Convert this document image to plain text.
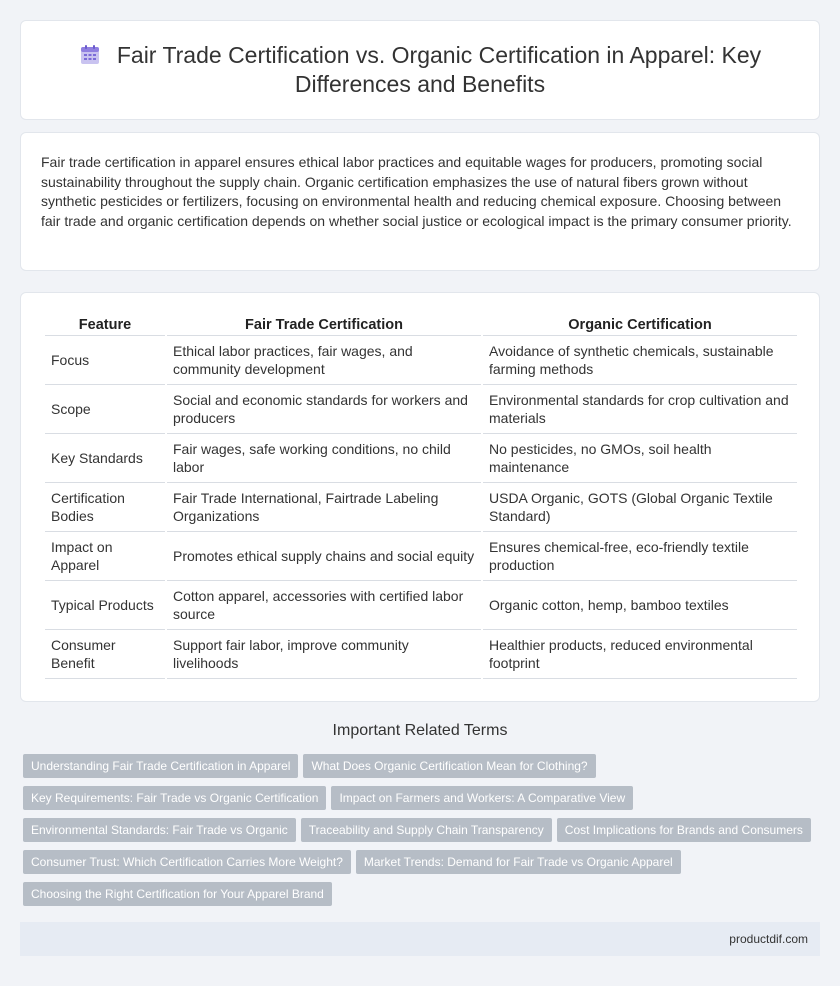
Fair Trade Certification vs. Organic Certification in Apparel: Key Differences and Benefits

Fair trade certification in apparel ensures ethical labor practices and equitable wages for producers, promoting social sustainability throughout the supply chain. Organic certification emphasizes the use of natural fibers grown without synthetic pesticides or fertilizers, focusing on environmental health and reducing chemical exposure. Choosing between fair trade and organic certification depends on whether social justice or ecological impact is the primary consumer priority.

Feature	Fair Trade Certification	Organic Certification
Focus	Ethical labor practices, fair wages, and community development	Avoidance of synthetic chemicals, sustainable farming methods
Scope	Social and economic standards for workers and producers	Environmental standards for crop cultivation and materials
Key Standards	Fair wages, safe working conditions, no child labor	No pesticides, no GMOs, soil health maintenance
Certification Bodies	Fair Trade International, Fairtrade Labeling Organizations	USDA Organic, GOTS (Global Organic Textile Standard)
Impact on Apparel	Promotes ethical supply chains and social equity	Ensures chemical-free, eco-friendly textile production
Typical Products	Cotton apparel, accessories with certified labor source	Organic cotton, hemp, bamboo textiles
Consumer Benefit	Support fair labor, improve community livelihoods	Healthier products, reduced environmental footprint
Important Related Terms
Understanding Fair Trade Certification in Apparel What Does Organic Certification Mean for Clothing?
Key Requirements: Fair Trade vs Organic Certification Impact on Farmers and Workers: A Comparative View
Environmental Standards: Fair Trade vs Organic Traceability and Supply Chain Transparency Cost Implications for Brands and Consumers
Consumer Trust: Which Certification Carries More Weight? Market Trends: Demand for Fair Trade vs Organic Apparel
Choosing the Right Certification for Your Apparel Brand
productdif.com
